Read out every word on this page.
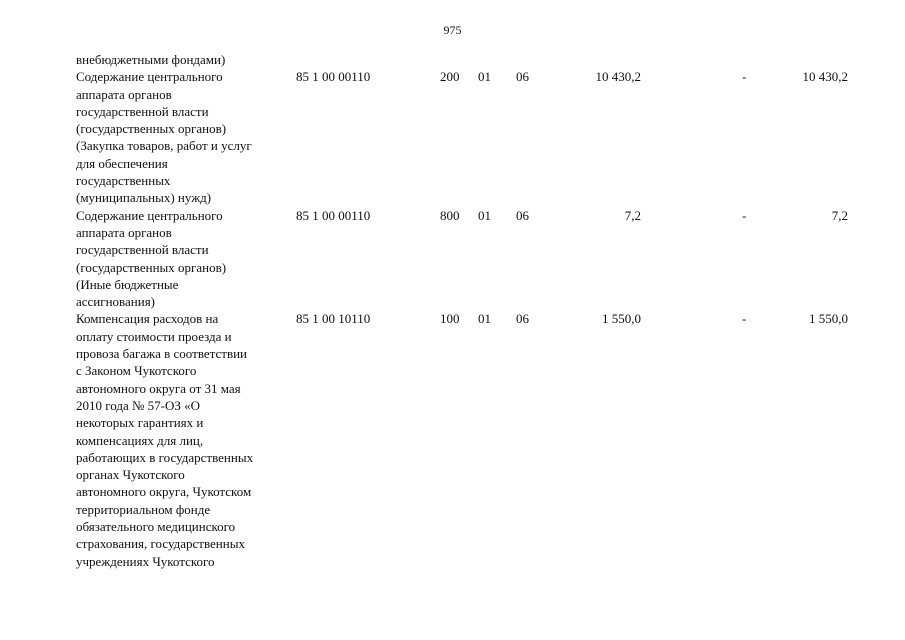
975
внебюджетными фондами)
Содержание центрального
аппарата органов
государственной власти
(государственных органов)
(Закупка товаров, работ и услуг
для обеспечения
государственных
(муниципальных) нужд)
85 1 00 00110	200 01 06	10 430,2	-	10 430,2
Содержание центрального
аппарата органов
государственной власти
(государственных органов)
(Иные бюджетные
ассигнования)
85 1 00 00110	800 01 06	7,2	-	7,2
Компенсация расходов на
оплату стоимости проезда и
провоза багажа в соответствии
с Законом Чукотского
автономного округа от 31 мая
2010 года № 57-ОЗ «О
некоторых гарантиях и
компенсациях для лиц,
работающих в государственных
органах Чукотского
автономного округа, Чукотском
территориальном фонде
обязательного медицинского
страхования, государственных
учреждениях Чукотского
85 1 00 10110	100 01 06	1 550,0	-	1 550,0
